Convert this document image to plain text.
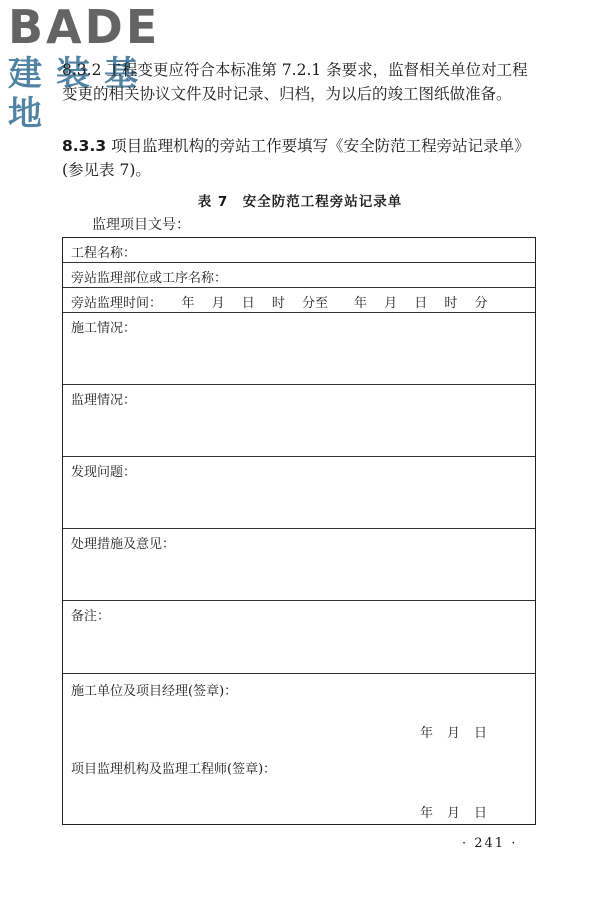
BADE
建装基地
8.3.2 工程变更应符合本标准第 7.2.1 条要求，监督相关单位对工程变更的相关协议文件及时记录、归档，为以后的竣工图纸做准备。
8.3.3 项目监理机构的旁站工作要填写《安全防范工程旁站记录单》(参见表 7)。
表 7　安全防范工程旁站记录单
监理项目文号：
工程名称：
旁站监理部位或工序名称：
旁站监理时间：　　年　 月　 日　 时　 分至　　年　 月　 日　 时　 分
施工情况：
监理情况：
发现问题：
处理措施及意见：
备注：
施工单位及项目经理(签章)：
年月日
项目监理机构及监理工程师(签章)：
年月日
· 241 ·
